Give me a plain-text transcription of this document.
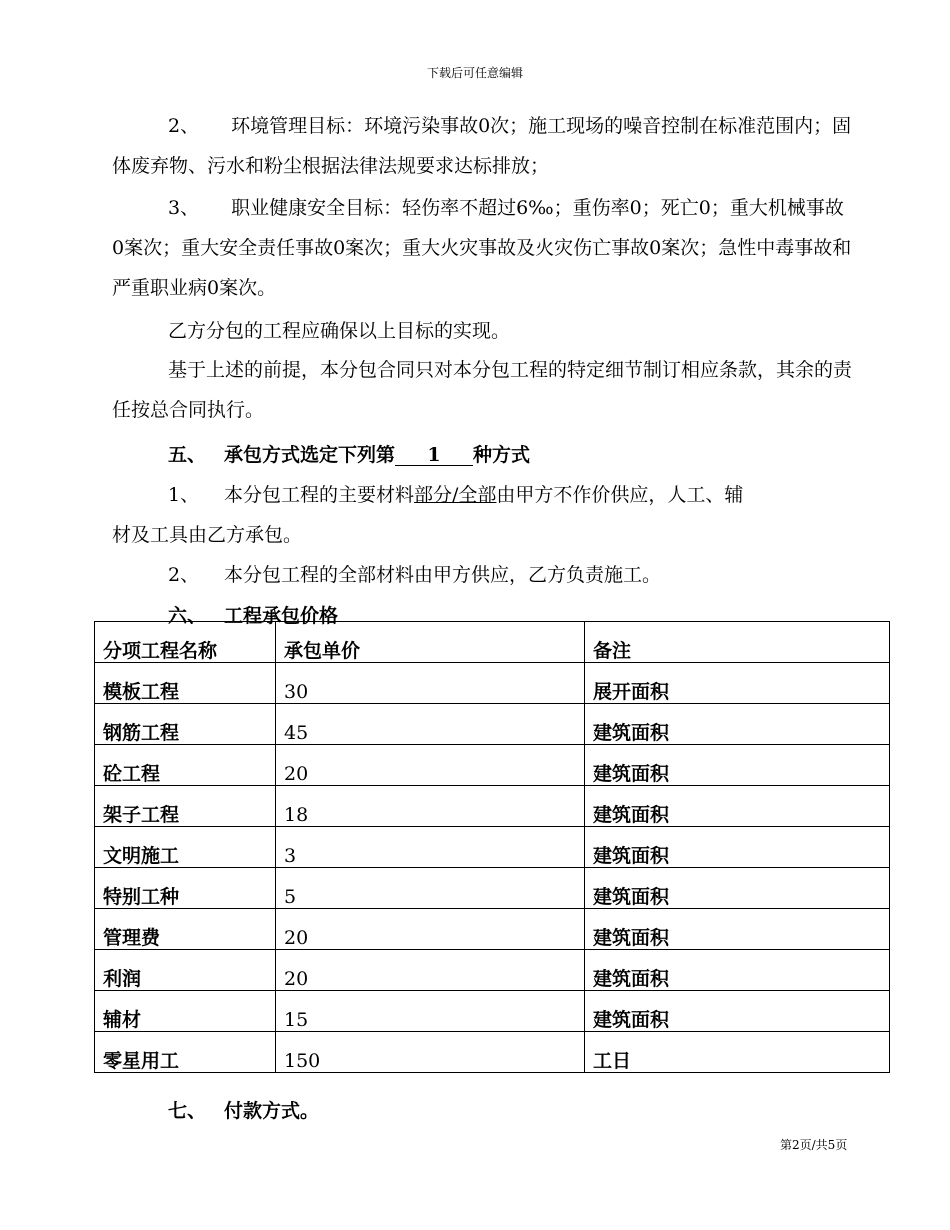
下载后可任意编辑
2、 环境管理目标：环境污染事故0次；施工现场的噪音控制在标准范围内；固体废弃物、污水和粉尘根据法律法规要求达标排放；
3、 职业健康安全目标：轻伤率不超过6‰；重伤率0；死亡0；重大机械事故0案次；重大安全责任事故0案次；重大火灾事故及火灾伤亡事故0案次；急性中毒事故和严重职业病0案次。
乙方分包的工程应确保以上目标的实现。
基于上述的前提，本分包合同只对本分包工程的特定细节制订相应条款，其余的责任按总合同执行。
五、 承包方式选定下列第 1 种方式
1、 本分包工程的主要材料部分/全部由甲方不作价供应，人工、辅
材及工具由乙方承包。
2、 本分包工程的全部材料由甲方供应，乙方负责施工。
六、 工程承包价格
分项工程名称	承包单价	备注
模板工程	30	展开面积
钢筋工程	45	建筑面积
砼工程	20	建筑面积
架子工程	18	建筑面积
文明施工	3	建筑面积
特别工种	5	建筑面积
管理费	20	建筑面积
利润	20	建筑面积
辅材	15	建筑面积
零星用工	150	工日
七、 付款方式。
第2页/共5页
